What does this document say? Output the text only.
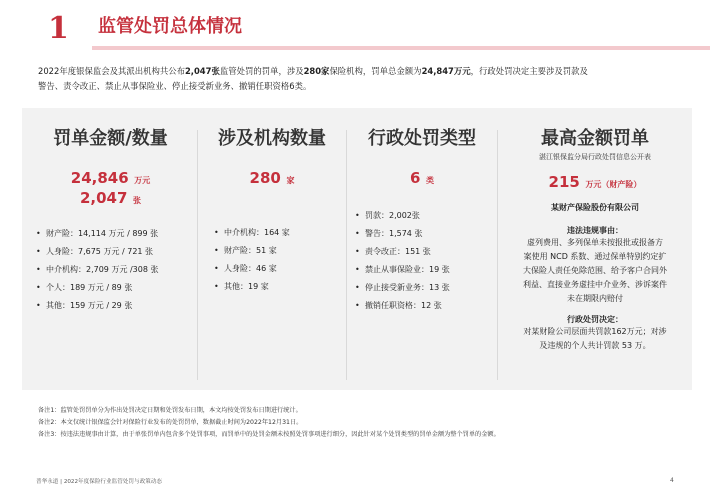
1 监管处罚总体情况
2022年度银保监会及其派出机构共公布2,047张监管处罚的罚单，涉及280家保险机构，罚单总金额为24,847万元，行政处罚决定主要涉及罚款及
警告、责令改正、禁止从事保险业、停止接受新业务、撤销任职资格6类。
罚单金额/数量
24,846 万元
2,047 张
• 财产险：14,114 万元 / 899 张
• 人身险：7,675 万元 / 721 张
• 中介机构：2,709 万元 /308 张
• 个人：189 万元 / 89 张
• 其他：159 万元 / 29 张
涉及机构数量
280 家
• 中介机构：164 家
• 财产险：51 家
• 人身险：46 家
• 其他：19 家
行政处罚类型
6 类
• 罚款：2,002张
• 警告：1,574 张
• 责令改正：151 张
• 禁止从事保险业：19 张
• 停止接受新业务：13 张
• 撤销任职资格：12 张
最高金额罚单
湛江银保监分局行政处罚信息公开表
215 万元（财产险）
某财产保险股份有限公司
违法违规事由：
虚列费用、多列保单未按报批或报备方
案使用 NCD 系数、通过保单特别约定扩
大保险人责任免除范围、给予客户合同外
利益、直接业务虚挂中介业务、涉诉案件
未在期限内赔付
行政处罚决定：
对某财险公司层面共罚款162万元；对涉
及违规的个人共计罚款 53 万。
备注1：监管处罚罚单分为作出处罚决定日期和处罚发布日期，本文均按处罚发布日期进行统计。
备注2：本文仅统计银保监会针对保险行业发布的处罚罚单，数据截止时间为2022年12月31日。
备注3：按违法违规事由计算，由于单张罚单内包含多个处罚事项，而罚单中的处罚金额未按照处罚事项进行细分，因此针对某个处罚类型的罚单金额为整个罚单的金额。
普华永道 | 2022年度保险行业监管处罚与政策动态	4
